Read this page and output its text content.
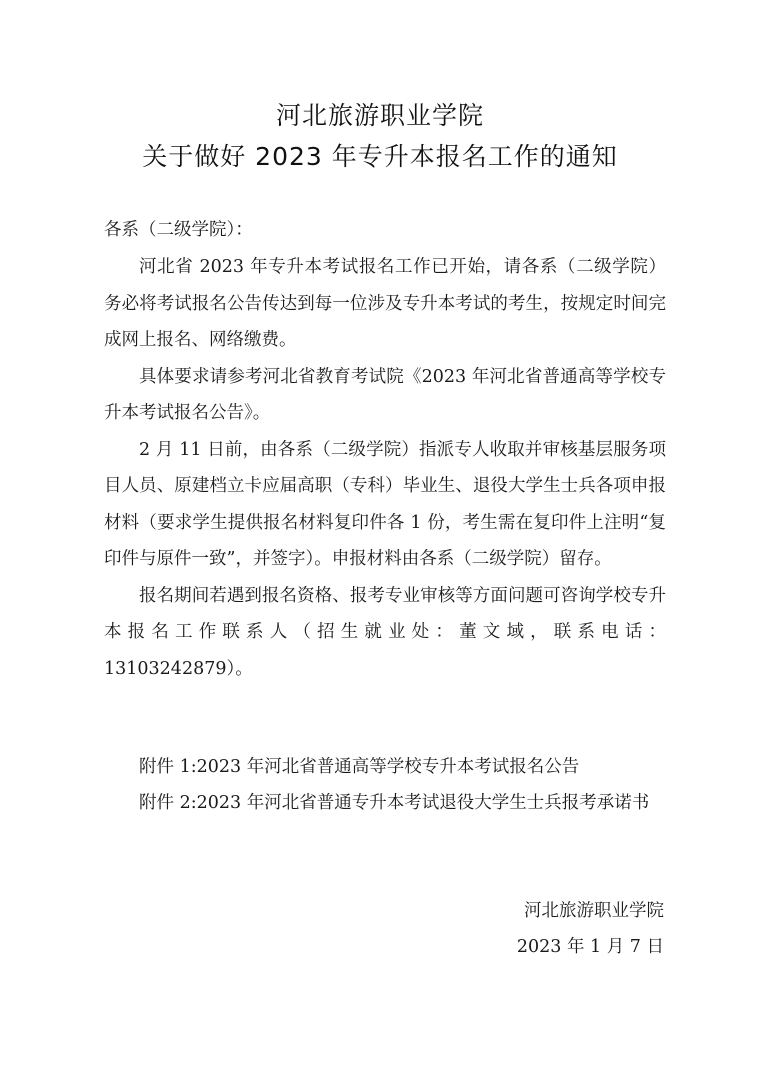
河北旅游职业学院
关于做好 2023 年专升本报名工作的通知
各系（二级学院）：

河北省 2023 年专升本考试报名工作已开始，请各系（二级学院）务必将考试报名公告传达到每一位涉及专升本考试的考生，按规定时间完成网上报名、网络缴费。

具体要求请参考河北省教育考试院《2023 年河北省普通高等学校专升本考试报名公告》。

2 月 11 日前，由各系（二级学院）指派专人收取并审核基层服务项目人员、原建档立卡应届高职（专科）毕业生、退役大学生士兵各项申报材料（要求学生提供报名材料复印件各 1 份，考生需在复印件上注明“复印件与原件一致”，并签字）。申报材料由各系（二级学院）留存。

报名期间若遇到报名资格、报考专业审核等方面问题可咨询学校专升本报名工作联系人（招生就业处：董文域，联系电话：13103242879）。

附件 1:2023 年河北省普通高等学校专升本考试报名公告

附件 2:2023 年河北省普通专升本考试退役大学生士兵报考承诺书

河北旅游职业学院
2023 年 1 月 7 日
